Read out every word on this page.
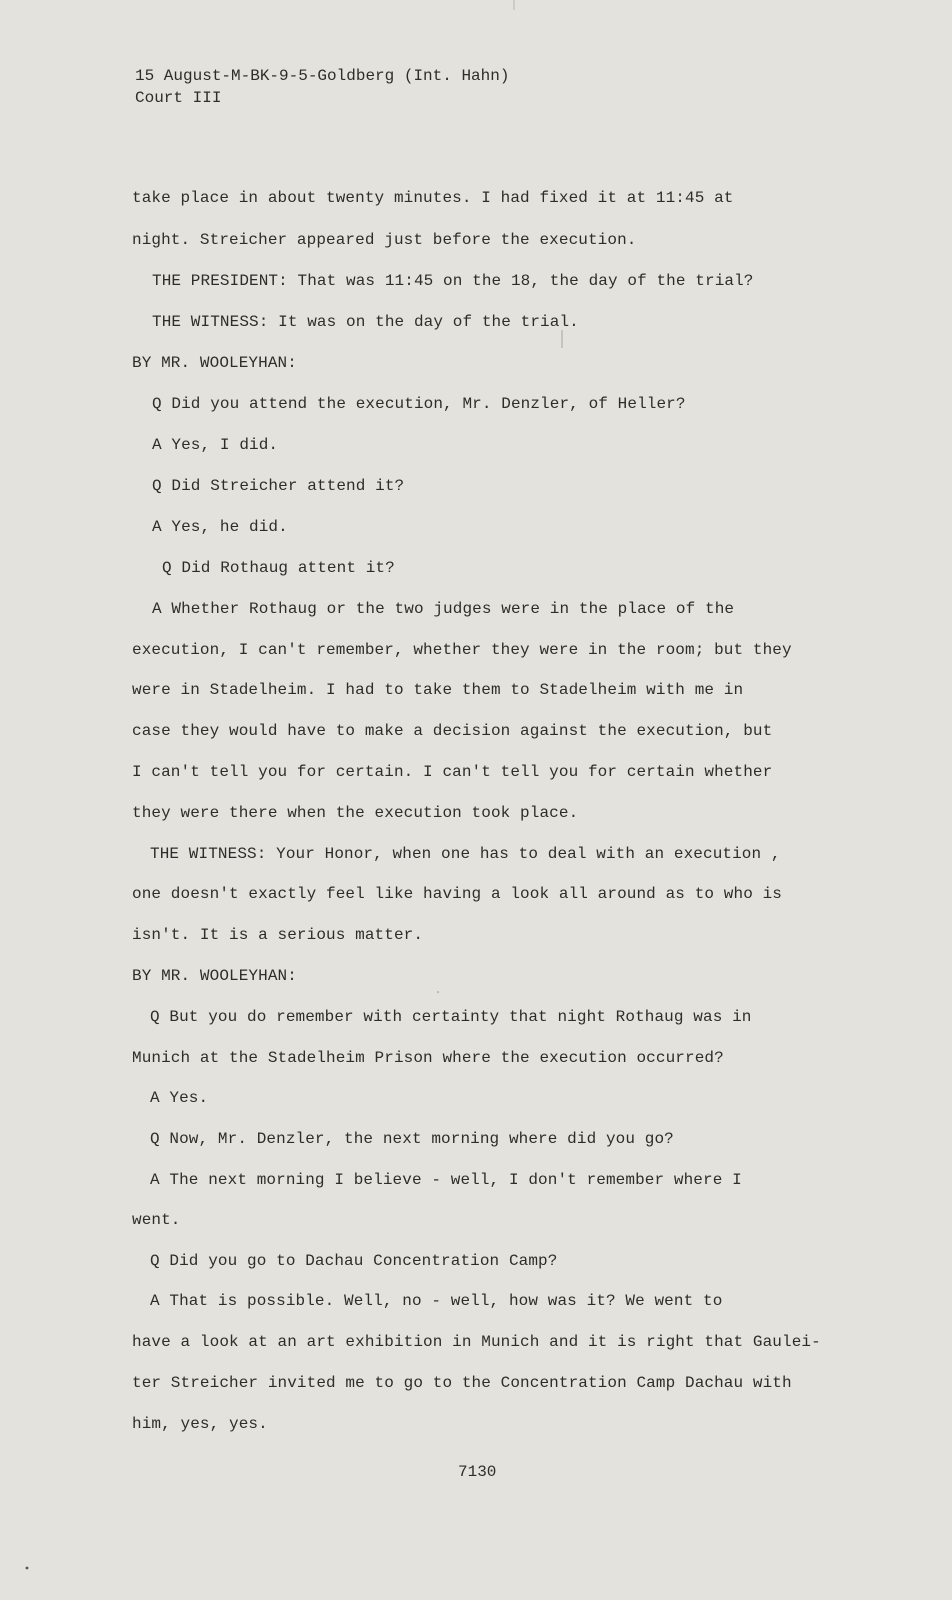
15 August-M-BK-9-5-Goldberg (Int. Hahn)
Court III
take place in about twenty minutes. I had fixed it at 11:45 at
night. Streicher appeared just before the execution.
THE PRESIDENT: That was 11:45 on the 18, the day of the trial?
THE WITNESS: It was on the day of the trial.
BY MR. WOOLEYHAN:
Q Did you attend the execution, Mr. Denzler, of Heller?
A Yes, I did.
Q Did Streicher attend it?
A Yes, he did.
Q Did Rothaug attent it?
A Whether Rothaug or the two judges were in the place of the
execution, I can't remember, whether they were in the room; but they
were in Stadelheim. I had to take them to Stadelheim with me in
case they would have to make a decision against the execution, but
I can't tell you for certain. I can't tell you for certain whether
they were there when the execution took place.
THE WITNESS: Your Honor, when one has to deal with an execution ,
one doesn't exactly feel like having a look all around as to who is
isn't. It is a serious matter.
BY MR. WOOLEYHAN:
Q But you do remember with certainty that night Rothaug was in
Munich at the Stadelheim Prison where the execution occurred?
A Yes.
Q Now, Mr. Denzler, the next morning where did you go?
A The next morning I believe - well, I don't remember where I
went.
Q Did you go to Dachau Concentration Camp?
A That is possible. Well, no - well, how was it? We went to
have a look at an art exhibition in Munich and it is right that Gaulei-
ter Streicher invited me to go to the Concentration Camp Dachau with
him, yes, yes.
7130
